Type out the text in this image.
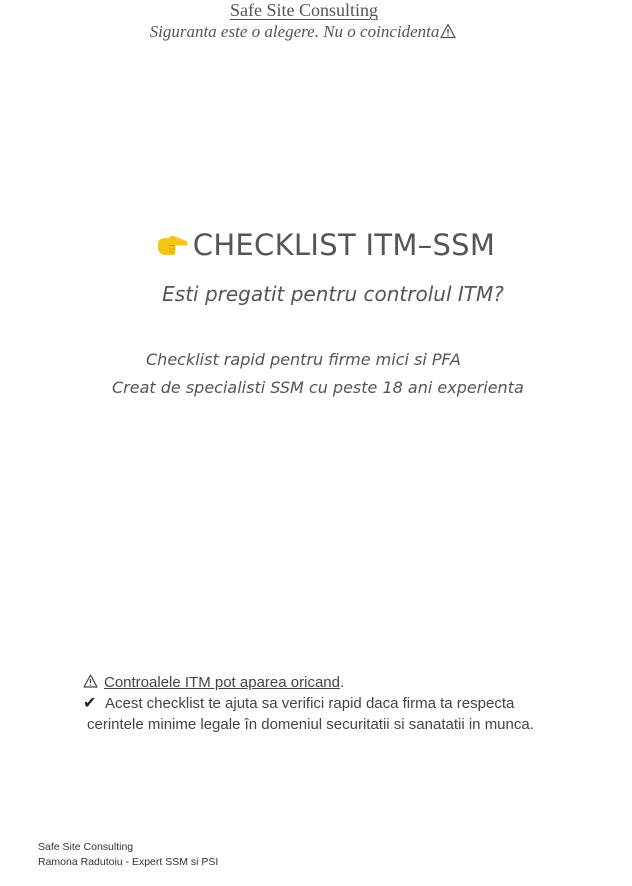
Safe Site Consulting
Siguranta este o alegere. Nu o coincidenta
CHECKLIST ITM–SSM
Esti pregatit pentru controlul ITM?
Checklist rapid pentru firme mici si PFA
Creat de specialisti SSM cu peste 18 ani experienta
Controalele ITM pot aparea oricand.
✔ Acest checklist te ajuta sa verifici rapid daca firma ta respecta
cerintele minime legale în domeniul securitatii si sanatatii in munca.
Safe Site Consulting
Ramona Radutoiu - Expert SSM si PSI
